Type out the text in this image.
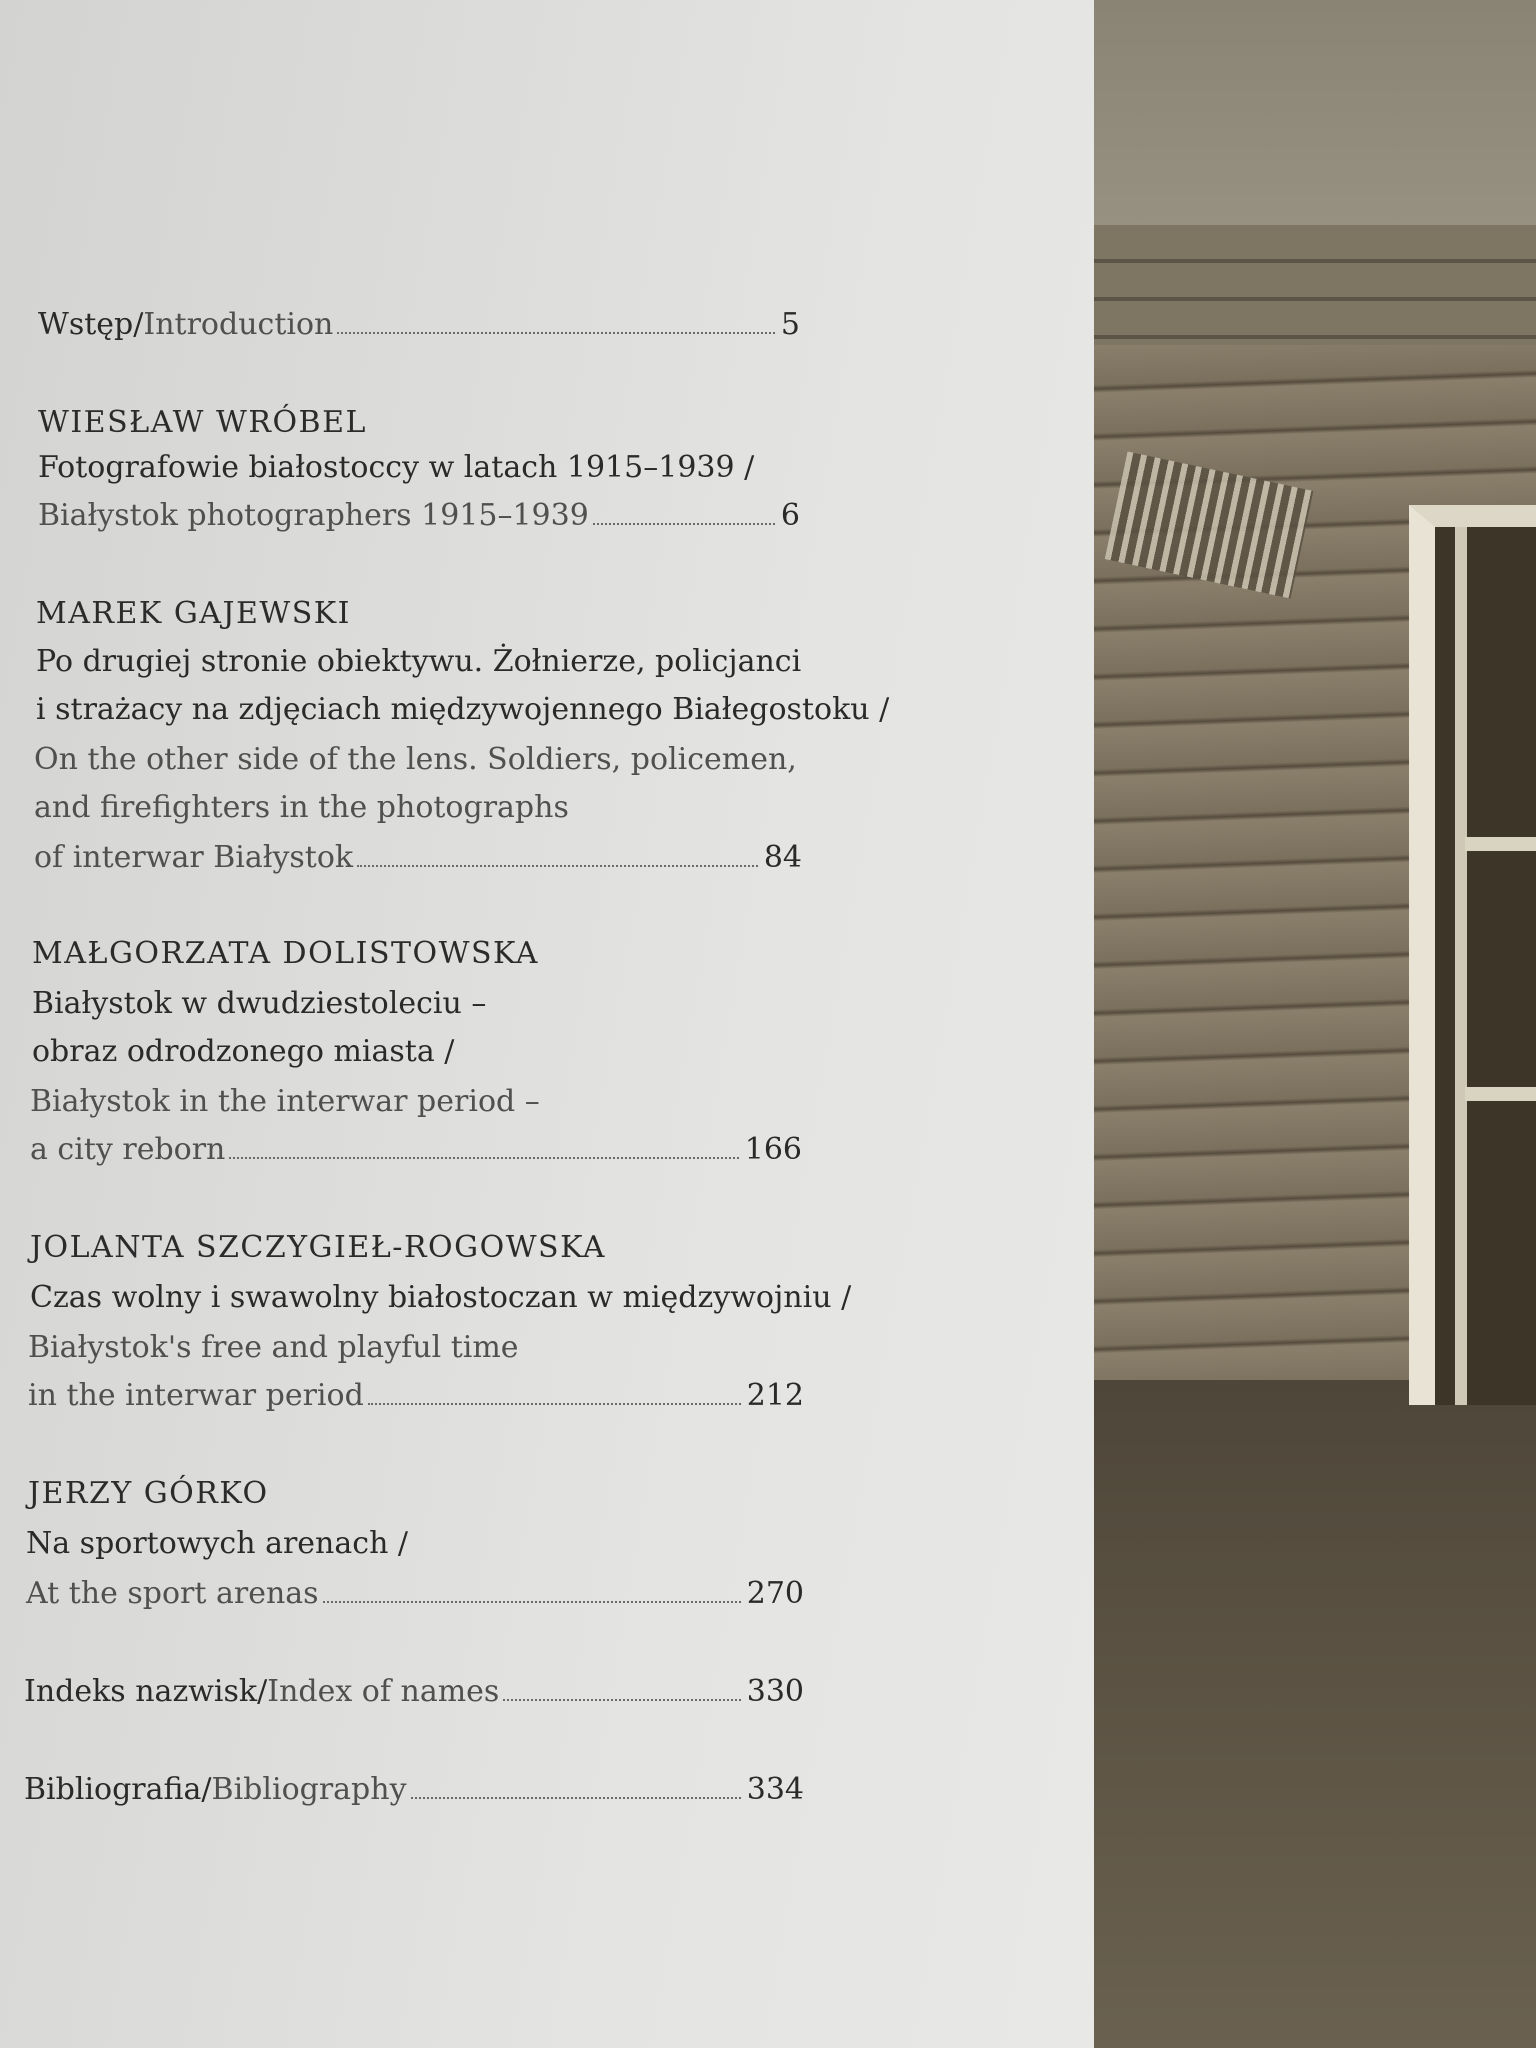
Wstęp / Introduction	5
WIESŁAW WRÓBEL
Fotografowie białostoccy w latach 1915–1939 /
Białystok photographers 1915–1939	6
MAREK GAJEWSKI
Po drugiej stronie obiektywu. Żołnierze, policjanci
i strażacy na zdjęciach międzywojennego Białegostoku /
On the other side of the lens. Soldiers, policemen,
and firefighters in the photographs
of interwar Białystok	84
MAŁGORZATA DOLISTOWSKA
Białystok w dwudziestoleciu –
obraz odrodzonego miasta /
Białystok in the interwar period –
a city reborn	166
JOLANTA SZCZYGIEŁ-ROGOWSKA
Czas wolny i swawolny białostoczan w międzywojniu /
Białystok's free and playful time
in the interwar period	212
JERZY GÓRKO
Na sportowych arenach /
At the sport arenas	270
Indeks nazwisk / Index of names	330
Bibliografia / Bibliography	334
